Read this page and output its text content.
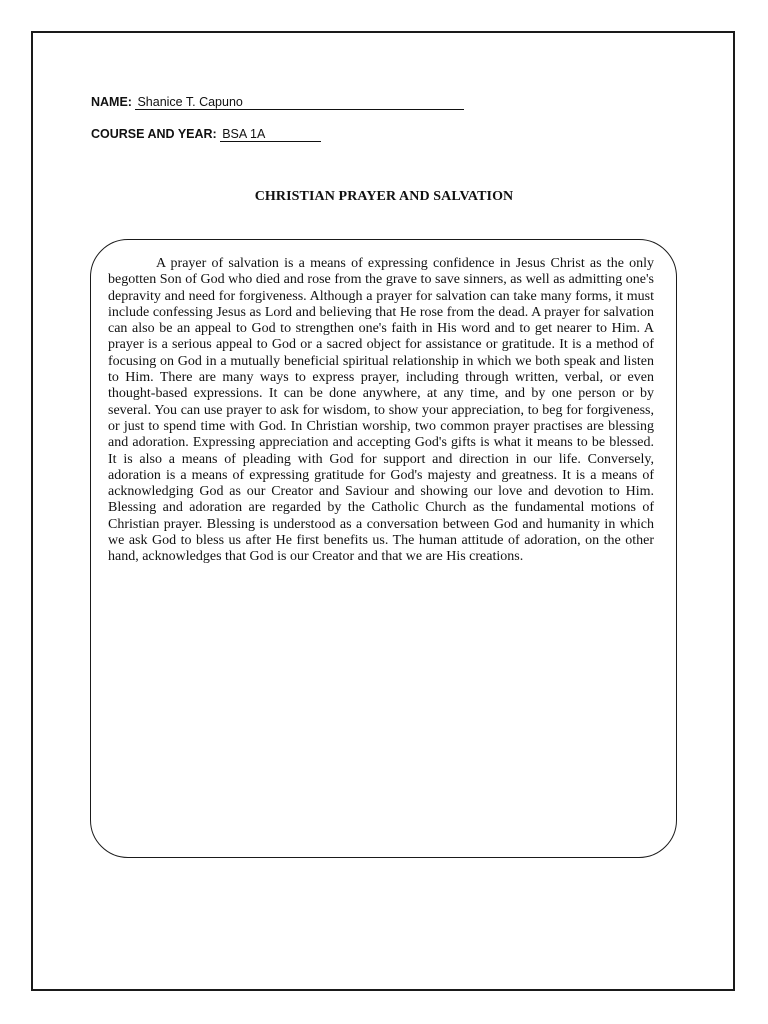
NAME: Shanice T. Capuno
COURSE AND YEAR: BSA 1A
CHRISTIAN PRAYER AND SALVATION

A prayer of salvation is a means of expressing confidence in Jesus Christ as the only begotten Son of God who died and rose from the grave to save sinners, as well as admitting one's depravity and need for forgiveness. Although a prayer for salvation can take many forms, it must include confessing Jesus as Lord and believing that He rose from the dead. A prayer for salvation can also be an appeal to God to strengthen one's faith in His word and to get nearer to Him. A prayer is a serious appeal to God or a sacred object for assistance or gratitude. It is a method of focusing on God in a mutually beneficial spiritual relationship in which we both speak and listen to Him. There are many ways to express prayer, including through written, verbal, or even thought-based expressions. It can be done anywhere, at any time, and by one person or by several. You can use prayer to ask for wisdom, to show your appreciation, to beg for forgiveness, or just to spend time with God. In Christian worship, two common prayer practises are blessing and adoration. Expressing appreciation and accepting God's gifts is what it means to be blessed. It is also a means of pleading with God for support and direction in our life. Conversely, adoration is a means of expressing gratitude for God's majesty and greatness. It is a means of acknowledging God as our Creator and Saviour and showing our love and devotion to Him. Blessing and adoration are regarded by the Catholic Church as the fundamental motions of Christian prayer. Blessing is understood as a conversation between God and humanity in which we ask God to bless us after He first benefits us. The human attitude of adoration, on the other hand, acknowledges that God is our Creator and that we are His creations.
